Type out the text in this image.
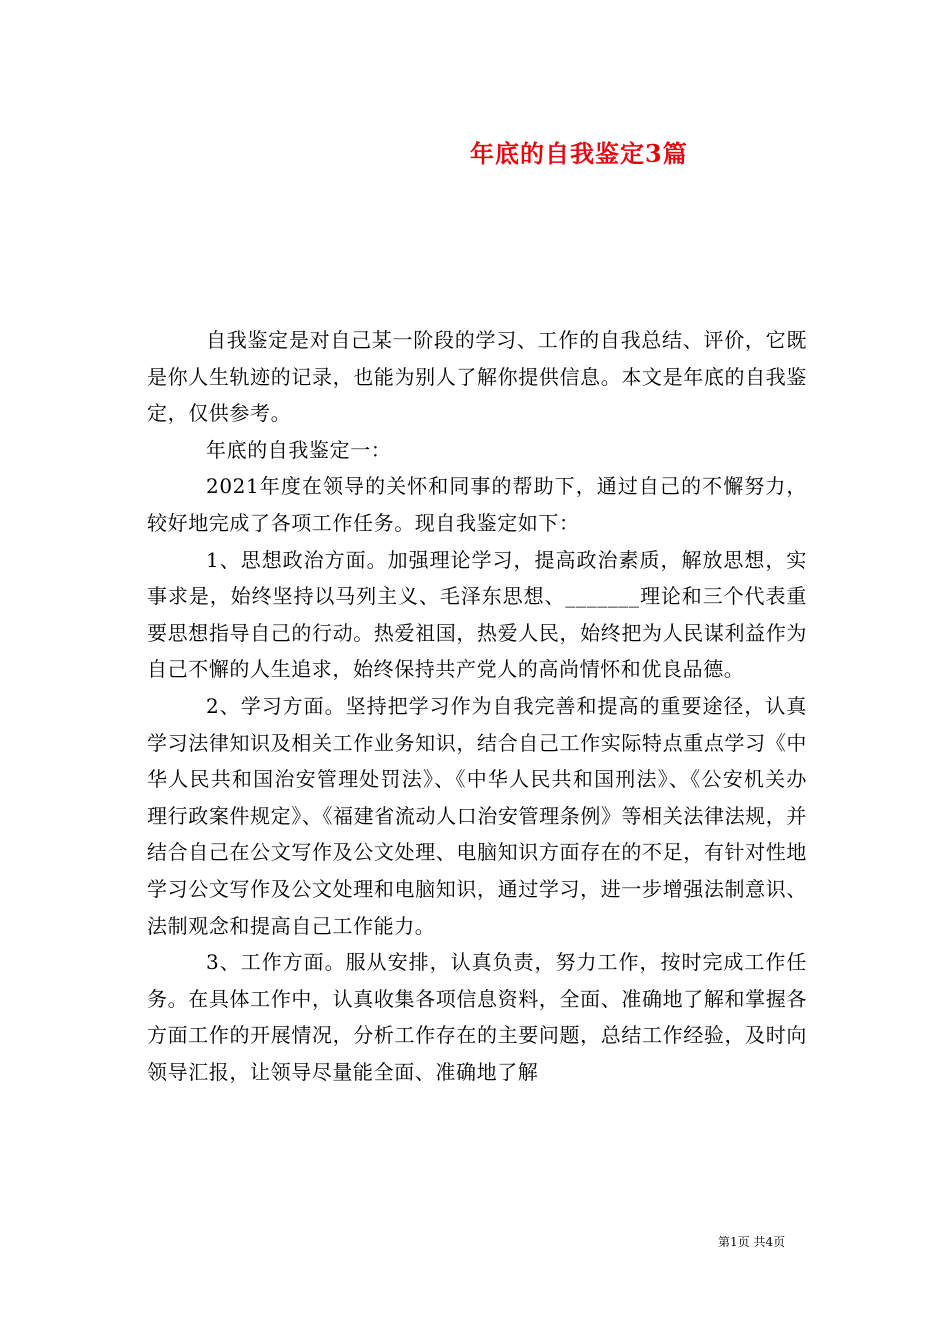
年底的自我鉴定3篇

自我鉴定是对自己某一阶段的学习、工作的自我总结、评价，它既是你人生轨迹的记录，也能为别人了解你提供信息。本文是年底的自我鉴定，仅供参考。

年底的自我鉴定一：

2021年度在领导的关怀和同事的帮助下，通过自己的不懈努力，较好地完成了各项工作任务。现自我鉴定如下：

1、思想政治方面。加强理论学习，提高政治素质，解放思想，实事求是，始终坚持以马列主义、毛泽东思想、_______理论和三个代表重要思想指导自己的行动。热爱祖国，热爱人民，始终把为人民谋利益作为自己不懈的人生追求，始终保持共产党人的高尚情怀和优良品德。

2、学习方面。坚持把学习作为自我完善和提高的重要途径，认真学习法律知识及相关工作业务知识，结合自己工作实际特点重点学习《中华人民共和国治安管理处罚法》、《中华人民共和国刑法》、《公安机关办理行政案件规定》、《福建省流动人口治安管理条例》等相关法律法规，并结合自己在公文写作及公文处理、电脑知识方面存在的不足，有针对性地学习公文写作及公文处理和电脑知识，通过学习，进一步增强法制意识、法制观念和提高自己工作能力。

3、工作方面。服从安排，认真负责，努力工作，按时完成工作任务。在具体工作中，认真收集各项信息资料，全面、准确地了解和掌握各方面工作的开展情况，分析工作存在的主要问题，总结工作经验，及时向领导汇报，让领导尽量能全面、准确地了解

第1页 共4页
